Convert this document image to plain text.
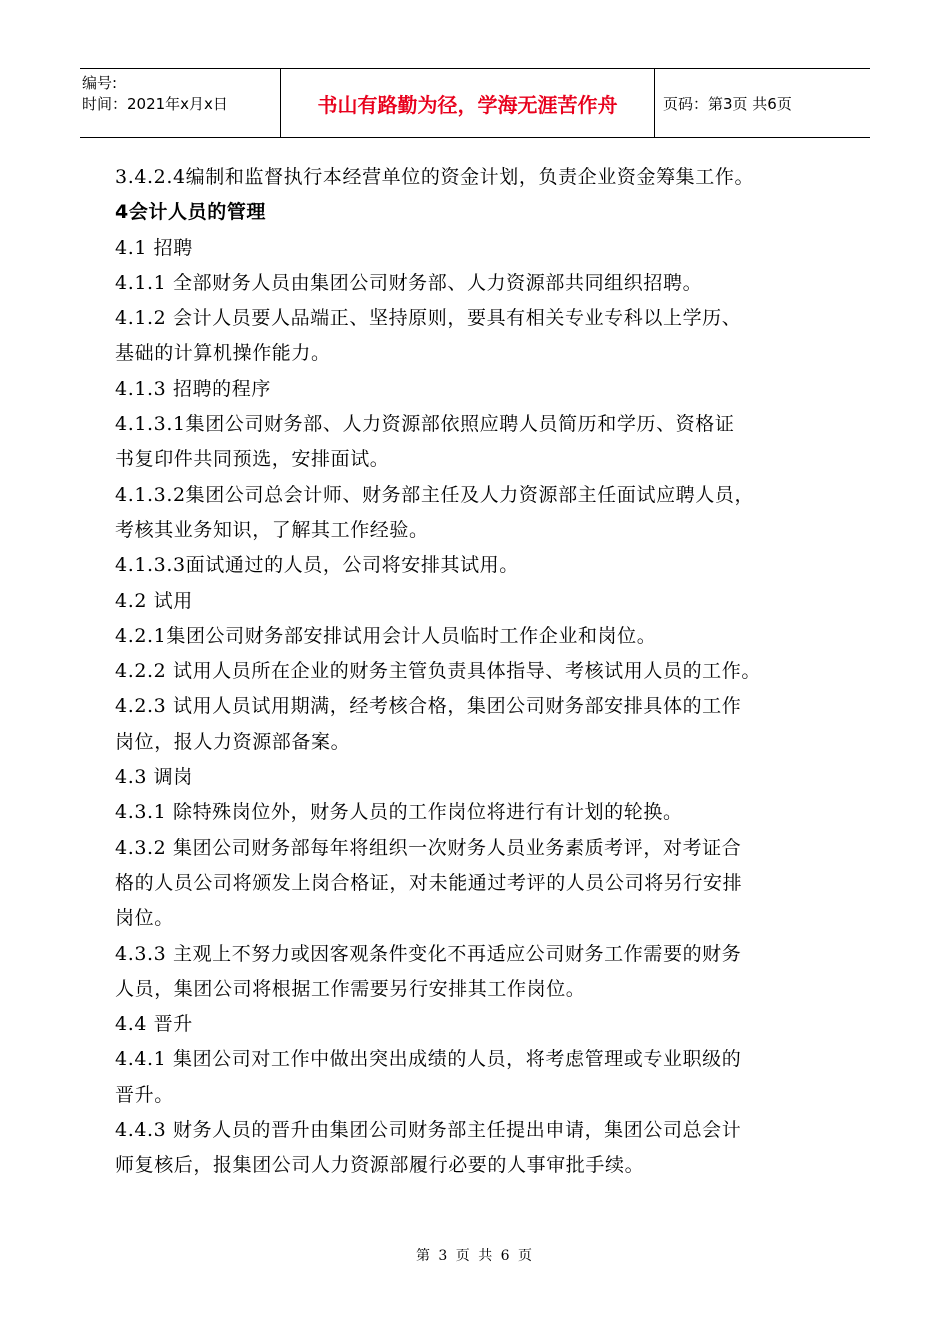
编号:
时间：2021年x月x日	书山有路勤为径，学海无涯苦作舟	页码：第3页 共6页
3.4.2.4编制和监督执行本经营单位的资金计划，负责企业资金筹集工作。
4会计人员的管理
4.1 招聘
4.1.1 全部财务人员由集团公司财务部、人力资源部共同组织招聘。
4.1.2 会计人员要人品端正、坚持原则，要具有相关专业专科以上学历、
基础的计算机操作能力。
4.1.3 招聘的程序
4.1.3.1集团公司财务部、人力资源部依照应聘人员简历和学历、资格证
书复印件共同预选，安排面试。
4.1.3.2集团公司总会计师、财务部主任及人力资源部主任面试应聘人员，
考核其业务知识，了解其工作经验。
4.1.3.3面试通过的人员，公司将安排其试用。
4.2 试用
4.2.1集团公司财务部安排试用会计人员临时工作企业和岗位。
4.2.2 试用人员所在企业的财务主管负责具体指导、考核试用人员的工作。
4.2.3 试用人员试用期满，经考核合格，集团公司财务部安排具体的工作
岗位，报人力资源部备案。
4.3 调岗
4.3.1 除特殊岗位外，财务人员的工作岗位将进行有计划的轮换。
4.3.2 集团公司财务部每年将组织一次财务人员业务素质考评，对考证合
格的人员公司将颁发上岗合格证，对未能通过考评的人员公司将另行安排
岗位。
4.3.3 主观上不努力或因客观条件变化不再适应公司财务工作需要的财务
人员，集团公司将根据工作需要另行安排其工作岗位。
4.4 晋升
4.4.1 集团公司对工作中做出突出成绩的人员，将考虑管理或专业职级的
晋升。
4.4.3 财务人员的晋升由集团公司财务部主任提出申请，集团公司总会计
师复核后，报集团公司人力资源部履行必要的人事审批手续。
第 3 页 共 6 页
